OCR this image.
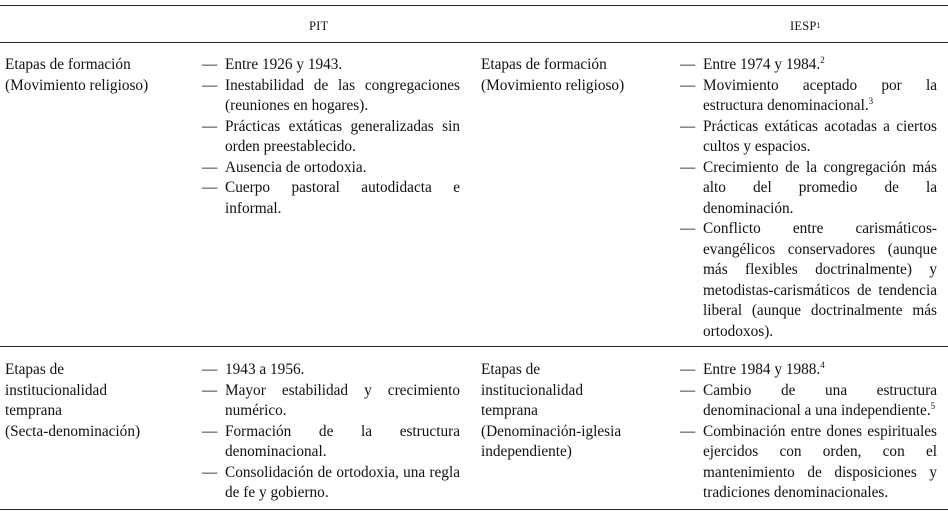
PIT	IESP$^1$
Etapas de formación
(Movimiento religioso)
— Entre 1926 y 1943.
— Inestabilidad de las congregaciones (reuniones en hogares).
— Prácticas extáticas generalizadas sin orden preestablecido.
— Ausencia de ortodoxia.
— Cuerpo pastoral autodidacta e informal.
Etapas de formación
(Movimiento religioso)
— Entre 1974 y 1984.$^2$
— Movimiento aceptado por la estructura denominacional.$^3$
— Prácticas extáticas acotadas a ciertos cultos y espacios.
— Crecimiento de la congregación más alto del promedio de la denominación.
— Conflicto entre carismáticos-evangélicos conservadores (aunque más flexibles doctrinalmente) y metodistas-carismáticos de tendencia liberal (aunque doctrinalmente más ortodoxos).
Etapas de
institucionalidad
temprana
(Secta-denominación)
— 1943 a 1956.
— Mayor estabilidad y crecimiento numérico.
— Formación de la estructura denominacional.
— Consolidación de ortodoxia, una regla de fe y gobierno.
Etapas de
institucionalidad
temprana
(Denominación-iglesia
independiente)
— Entre 1984 y 1988.$^4$
— Cambio de una estructura denominacional a una independiente.$^5$
— Combinación entre dones espirituales ejercidos con orden, con el mantenimiento de disposiciones y tradiciones denominacionales.
